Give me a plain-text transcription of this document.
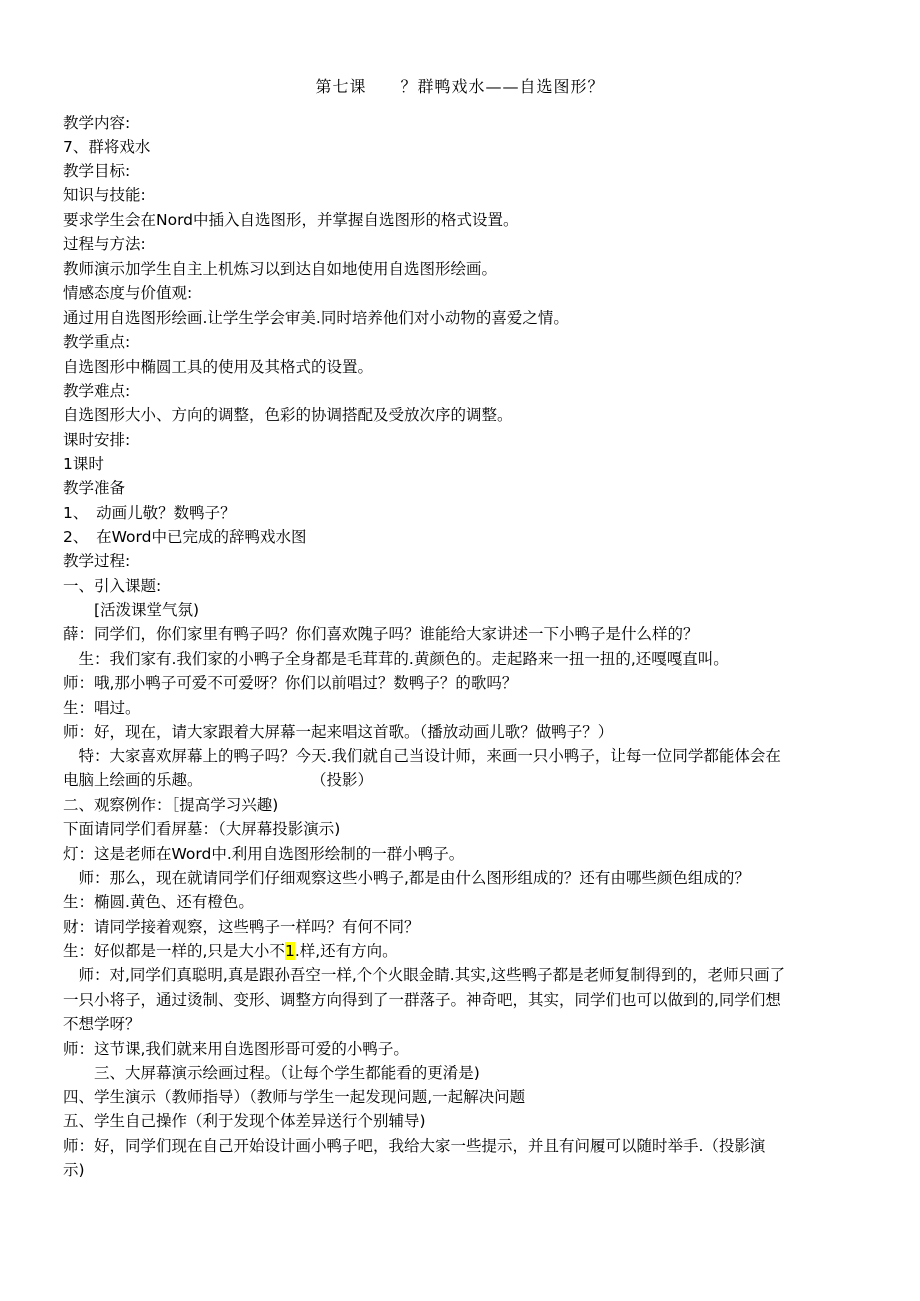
第七课　　？群鸭戏水——自选图形？
教学内容:
7、群将戏水
教学目标:
知识与技能:
要求学生会在Nord中插入自选图形，并掌握自选图形的格式设置。
过程与方法:
教师演示加学生自主上机炼习以到达自如地使用自选图形绘画。
情感态度与价值观:
通过用自选图形绘画.让学生学会审美.同时培养他们对小动物的喜爱之情。
教学重点:
自选图形中椭圆工具的使用及其格式的设置。
教学难点:
自选图形大小、方向的调整，色彩的协调搭配及受放次序的调整。
课时安排:
1课时
教学准备
1、　动画儿敬？数鸭子？
2、　在Word中已完成的辞鸭戏水图
教学过程:
一、引入课题:
　　[活泼课堂气氛)
薛：同学们，你们家里有鸭子吗？你们喜欢隗子吗？谁能给大家讲述一下小鸭子是什么样的？
　生：我们家有.我们家的小鸭子全身都是毛茸茸的.黄颜色的。走起路来一扭一扭的,还嘎嘎直叫。
师：哦,那小鸭子可爱不可爱呀？你们以前唱过？数鸭子？的歌吗？
生：唱过。
师：好，现在，请大家跟着大屏幕一起来唱这首歌。（播放动画儿歌？做鸭子？）
　特：大家喜欢屏幕上的鸭子吗？今天.我们就自己当设计师，来画一只小鸭子，让每一位同学都能体会在
电脑上绘画的乐趣。　　　　　　　　（投影）
二、观察例作：［提高学习兴趣)
下面请同学们看屏墓：（大屏幕投影演示)
灯：这是老师在Word中.利用自选图形绘制的一群小鸭子。
　师：那么，现在就请同学们仔细观察这些小鸭子,都是由什么图形组成的？还有由哪些颜色组成的？
生：椭圆.黄色、还有橙色。
财：请同学接着观察，这些鸭子一样吗？有何不同？
生：好似都是一样的,只是大小不1.样,还有方向。
　师：对,同学们真聪明,真是跟孙吾空一样,个个火眼金睛.其实,这些鸭子都是老师复制得到的，老师只画了
一只小将子，通过烫制、变形、调整方向得到了一群落子。神奇吧，其实，同学们也可以做到的,同学们想
不想学呀？
师：这节课,我们就来用自选图形哥可爱的小鸭子。
　　三、大屏幕演示绘画过程。（让每个学生都能看的更淆是)
四、学生演示（教师指导）（教师与学生一起发现问题,一起解决问题
五、学生自己操作（利于发现个体差异送行个别辅导)
师：好，同学们现在自己开始设计画小鸭子吧，我给大家一些提示，并且有问履可以随时举手.（投影演
示)
